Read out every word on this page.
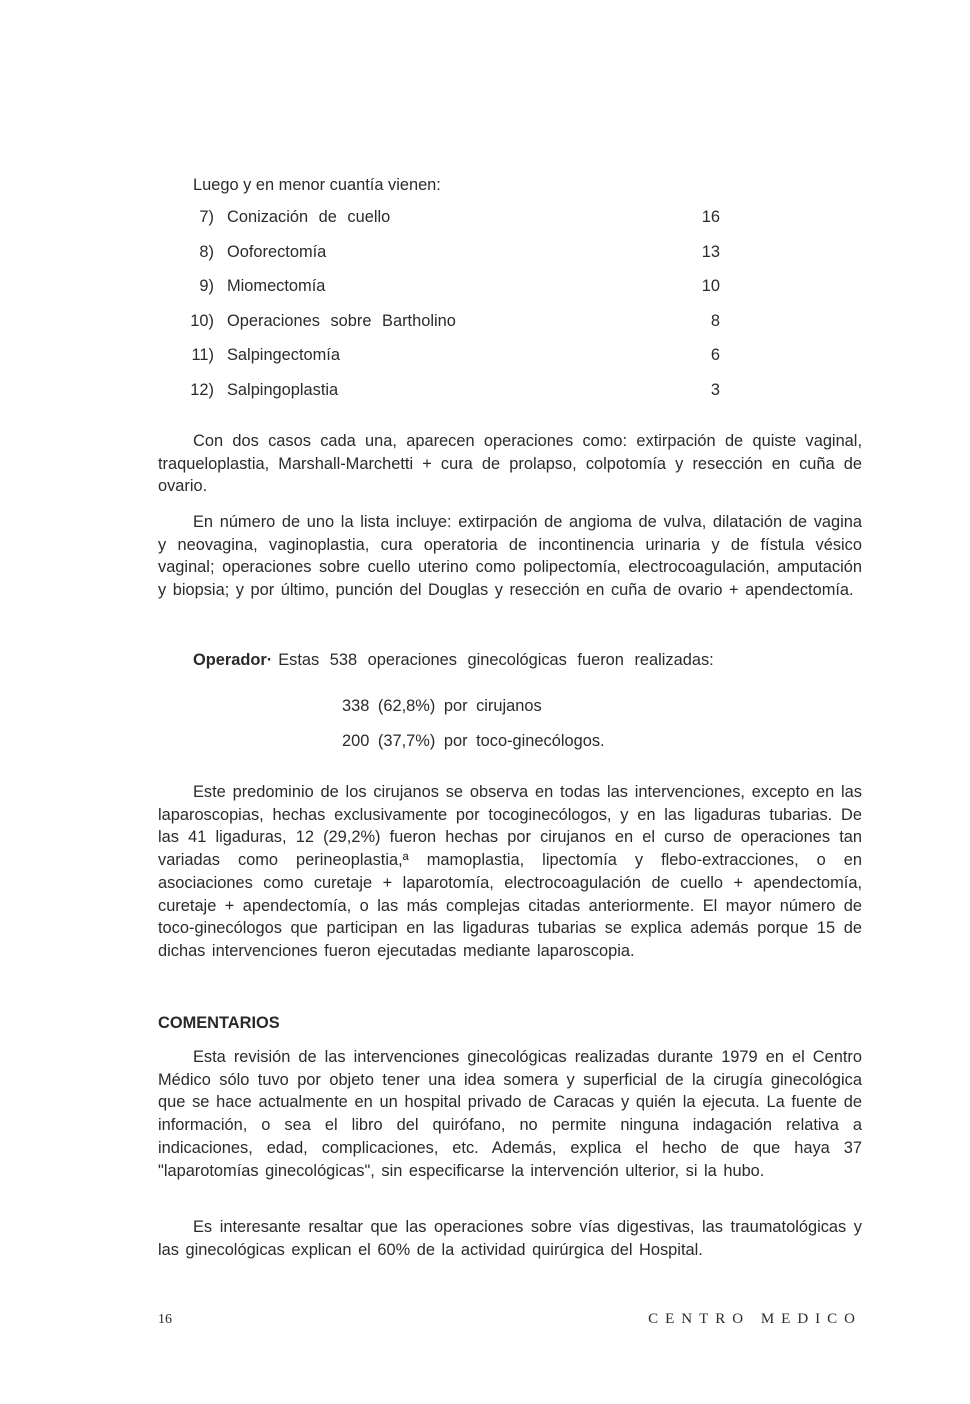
Luego y en menor cuantía vienen:
7) Conización de cuello	16
8) Ooforectomía	13
9) Miomectomía	10
10) Operaciones sobre Bartholino	8
11) Salpingectomía	6
12) Salpingoplastia	3

Con dos casos cada una, aparecen operaciones como: extirpación de quiste vaginal, traqueloplastia, Marshall-Marchetti + cura de prolapso, colpotomía y resección en cuña de ovario.

En número de uno la lista incluye: extirpación de angioma de vulva, dilatación de vagina y neovagina, vaginoplastia, cura operatoria de incontinencia urinaria y de fístula vésico vaginal; operaciones sobre cuello uterino como polipectomía, electrocoagulación, amputación y biopsia; y por último, punción del Douglas y resección en cuña de ovario + apendectomía.

Operador· Estas 538 operaciones ginecológicas fueron realizadas:
338 (62,8%) por cirujanos
200 (37,7%) por toco-ginecólogos.

Este predominio de los cirujanos se observa en todas las intervenciones, excepto en las laparoscopias, hechas exclusivamente por tocoginecólogos, y en las ligaduras tubarias. De las 41 ligaduras, 12 (29,2%) fueron hechas por cirujanos en el curso de operaciones tan variadas como perineoplastia,ª mamoplastia, lipectomía y flebo-extracciones, o en asociaciones como curetaje + laparotomía, electrocoagulación de cuello + apendectomía, curetaje + apendectomía, o las más complejas citadas anteriormente. El mayor número de toco-ginecólogos que participan en las ligaduras tubarias se explica además porque 15 de dichas intervenciones fueron ejecutadas mediante laparoscopia.

COMENTARIOS

Esta revisión de las intervenciones ginecológicas realizadas durante 1979 en el Centro Médico sólo tuvo por objeto tener una idea somera y superficial de la cirugía ginecológica que se hace actualmente en un hospital privado de Caracas y quién la ejecuta. La fuente de información, o sea el libro del quirófano, no permite ninguna indagación relativa a indicaciones, edad, complicaciones, etc. Además, explica el hecho de que haya 37 "laparotomías ginecológicas", sin especificarse la intervención ulterior, si la hubo.

Es interesante resaltar que las operaciones sobre vías digestivas, las traumatológicas y las ginecológicas explican el 60% de la actividad quirúrgica del Hospital.

16	CENTRO MEDICO
